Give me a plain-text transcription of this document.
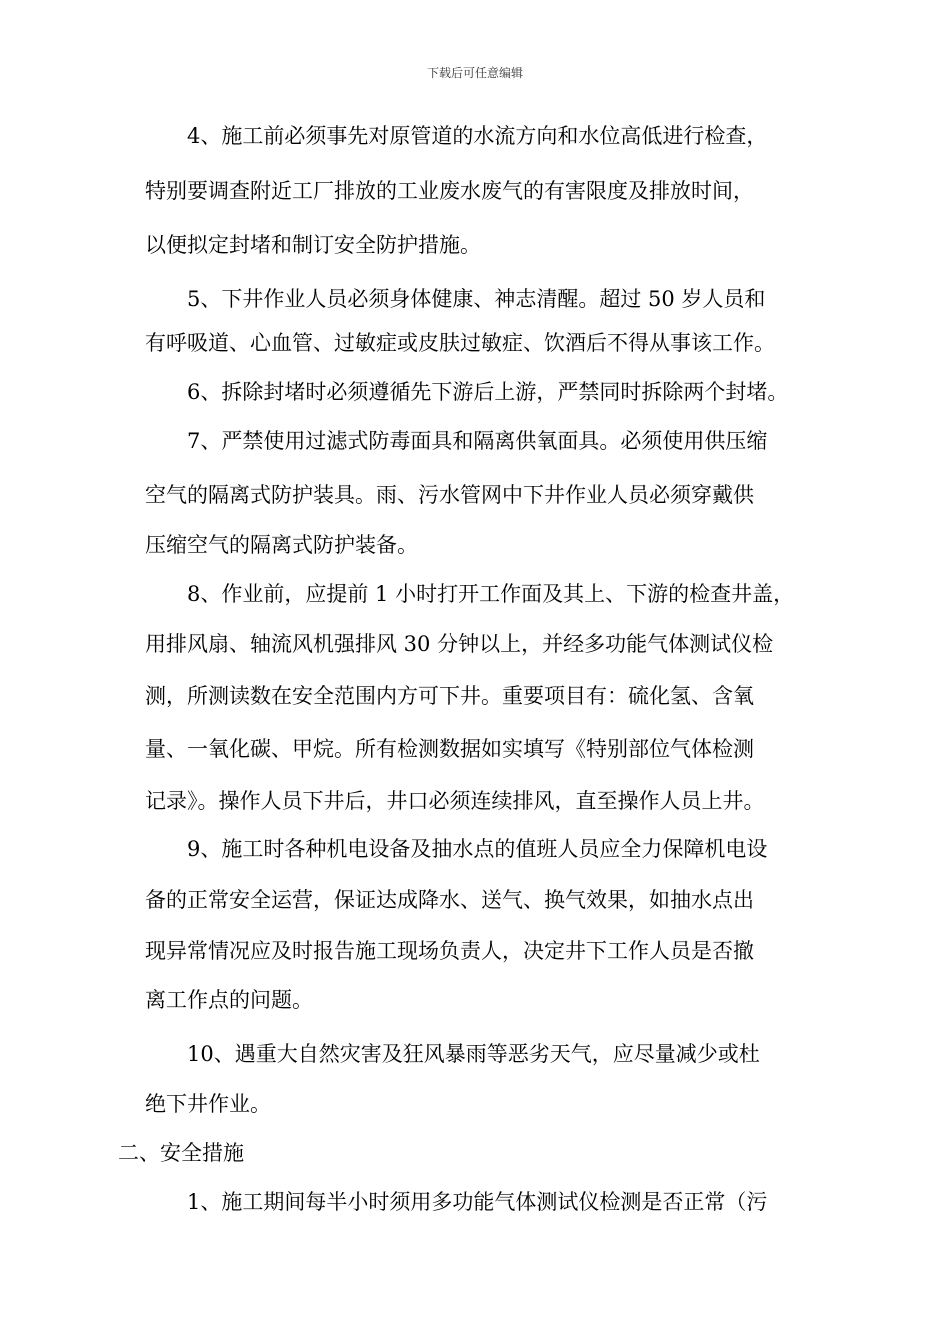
下载后可任意编辑
4、施工前必须事先对原管道的水流方向和水位高低进行检查，
特别要调查附近工厂排放的工业废水废气的有害限度及排放时间，
以便拟定封堵和制订安全防护措施。
5、下井作业人员必须身体健康、神志清醒。超过 50 岁人员和
有呼吸道、心血管、过敏症或皮肤过敏症、饮酒后不得从事该工作。
6、拆除封堵时必须遵循先下游后上游，严禁同时拆除两个封堵。
7、严禁使用过滤式防毒面具和隔离供氧面具。必须使用供压缩
空气的隔离式防护装具。雨、污水管网中下井作业人员必须穿戴供
压缩空气的隔离式防护装备。
8、作业前，应提前 1 小时打开工作面及其上、下游的检查井盖，
用排风扇、轴流风机强排风 30 分钟以上，并经多功能气体测试仪检
测，所测读数在安全范围内方可下井。重要项目有：硫化氢、含氧
量、一氧化碳、甲烷。所有检测数据如实填写《特别部位气体检测
记录》。操作人员下井后，井口必须连续排风，直至操作人员上井。
9、施工时各种机电设备及抽水点的值班人员应全力保障机电设
备的正常安全运营，保证达成降水、送气、换气效果，如抽水点出
现异常情况应及时报告施工现场负责人，决定井下工作人员是否撤
离工作点的问题。
10、遇重大自然灾害及狂风暴雨等恶劣天气，应尽量减少或杜
绝下井作业。
二、安全措施
1、施工期间每半小时须用多功能气体测试仪检测是否正常（污
